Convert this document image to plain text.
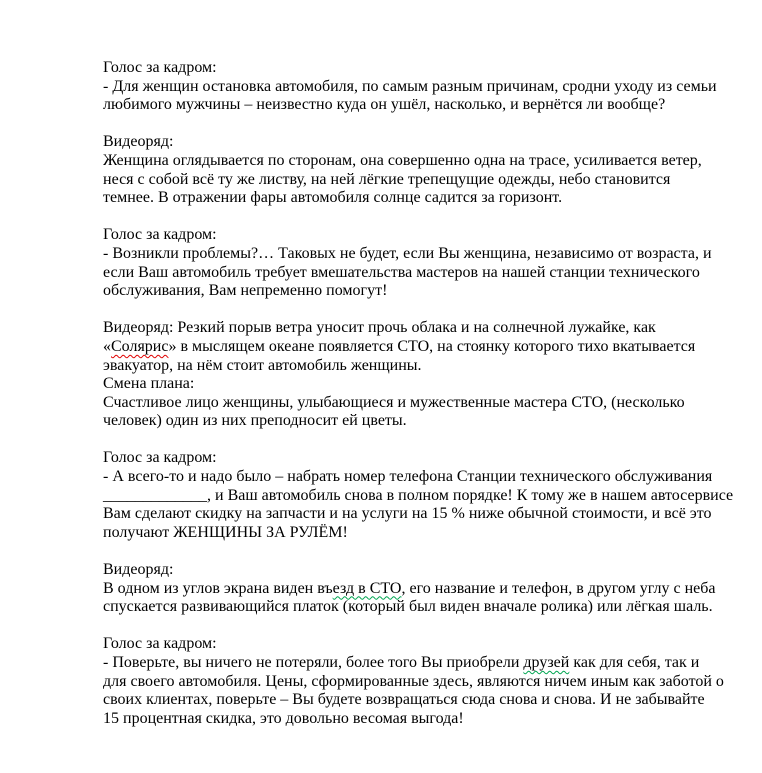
Голос за кадром:
- Для женщин остановка автомобиля, по самым разным причинам, сродни уходу из семьи
любимого мужчины – неизвестно куда он ушёл, насколько, и вернётся ли вообще?
Видеоряд:
Женщина оглядывается по сторонам, она совершенно одна на трасе, усиливается ветер,
неся с собой всё ту же листву, на ней лёгкие трепещущие одежды, небо становится
темнее. В отражении фары автомобиля солнце садится за горизонт.
Голос за кадром:
- Возникли проблемы?… Таковых не будет, если Вы женщина, независимо от возраста, и
если Ваш автомобиль требует вмешательства мастеров на нашей станции технического
обслуживания, Вам непременно помогут!
Видеоряд: Резкий порыв ветра уносит прочь облака и на солнечной лужайке, как
«Солярис» в мыслящем океане появляется СТО, на стоянку которого тихо вкатывается
эвакуатор, на нём стоит автомобиль женщины.
Смена плана:
Счастливое лицо женщины, улыбающиеся и мужественные мастера СТО, (несколько
человек) один из них преподносит ей цветы.
Голос за кадром:
- А всего-то и надо было – набрать номер телефона Станции технического обслуживания
_____________, и Ваш автомобиль снова в полном порядке! К тому же в нашем автосервисе
Вам сделают скидку на запчасти и на услуги на 15 % ниже обычной стоимости, и всё это
получают ЖЕНЩИНЫ ЗА РУЛЁМ!
Видеоряд:
В одном из углов экрана виден въезд в СТО, его название и телефон, в другом углу с неба
спускается развивающийся платок (который был виден вначале ролика) или лёгкая шаль.
Голос за кадром:
- Поверьте, вы ничего не потеряли, более того Вы приобрели друзей как для себя, так и
для своего автомобиля. Цены, сформированные здесь, являются ничем иным как заботой о
своих клиентах, поверьте – Вы будете возвращаться сюда снова и снова. И не забывайте
15 процентная скидка, это довольно весомая выгода!
